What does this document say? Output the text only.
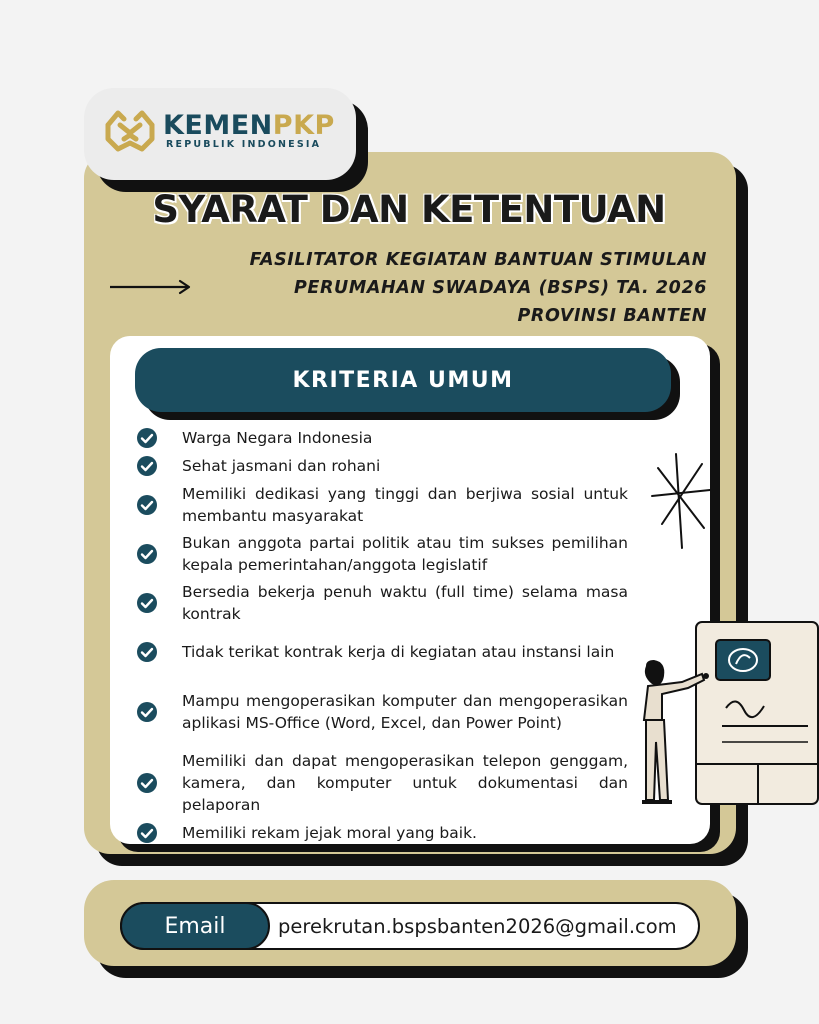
KEMENPKP
REPUBLIK INDONESIA
SYARAT DAN KETENTUAN
FASILITATOR KEGIATAN BANTUAN STIMULAN
PERUMAHAN SWADAYA (BSPS) TA. 2026
PROVINSI BANTEN
KRITERIA UMUM
Warga Negara Indonesia
Sehat jasmani dan rohani
Memiliki dedikasi yang tinggi dan berjiwa sosial untuk membantu masyarakat
Bukan anggota partai politik atau tim sukses pemilihan kepala pemerintahan/anggota legislatif
Bersedia bekerja penuh waktu (full time) selama masa kontrak
Tidak terikat kontrak kerja di kegiatan atau instansi lain
Mampu mengoperasikan komputer dan mengoperasikan aplikasi MS-Office (Word, Excel, dan Power Point)
Memiliki dan dapat mengoperasikan telepon genggam, kamera, dan komputer untuk dokumentasi dan pelaporan
Memiliki rekam jejak moral yang baik.
Email	perekrutan.bspsbanten2026@gmail.com
